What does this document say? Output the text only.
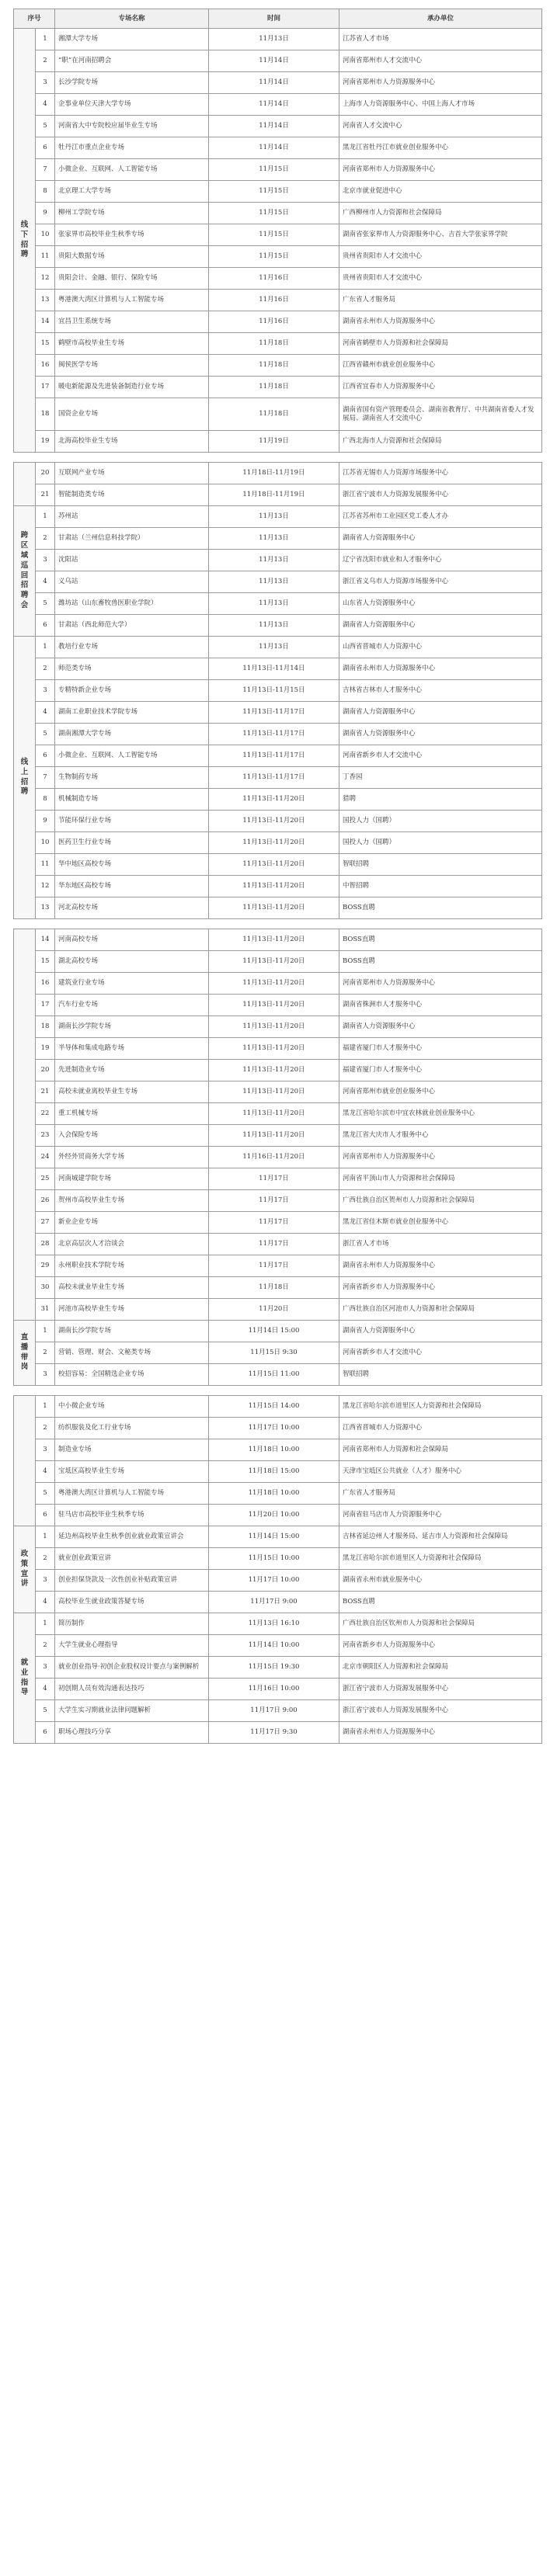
序号		专场名称	时间	承办单位

线下招聘	1	湘潭大学专场	11月13日	江苏省人才市场
	2	“职”在河南招聘会	11月14日	河南省郑州市人才交流中心
	3	长沙学院专场	11月14日	河南省郑州市人力资源服务中心
	4	企事业单位天津大学专场	11月14日	上海市人力资源服务中心、中国上海人才市场
	5	河南省大中专院校应届毕业生专场	11月14日	河南省人才交流中心
	6	牡丹江市重点企业专场	11月14日	黑龙江省牡丹江市就业创业服务中心
	7	小微企业、互联网、人工智能专场	11月15日	河南省郑州市人力资源服务中心
	8	北京理工大学专场	11月15日	北京市就业促进中心
	9	柳州工学院专场	11月15日	广西柳州市人力资源和社会保障局
	10	张家界市高校毕业生秋季专场	11月15日	湖南省张家界市人力资源服务中心、吉首大学张家界学院
	11	贵阳大数据专场	11月15日	贵州省贵阳市人才交流中心
	12	贵阳会计、金融、银行、保险专场	11月16日	贵州省贵阳市人才交流中心
	13	粤港澳大湾区计算机与人工智能专场	11月16日	广东省人才服务局
	14	宜昌卫生系统专场	11月16日	湖南省永州市人力资源服务中心
	15	鹤壁市高校毕业生专场	11月18日	河南省鹤壁市人力资源和社会保障局
	16	闽侯医学专场	11月18日	江西省赣州市就业创业服务中心
	17	暖电新能源及先进装备制造行业专场	11月18日	江西省宜春市人力资源服务中心
	18	国资企业专场	11月18日	湖南省国有资产管理委员会、湖南省教育厅、中共湖南省委人才发展局、湖南省人才交流中心
	19	北海高校毕业生专场	11月19日	广西北海市人力资源和社会保障局
	20	互联网产业专场	11月18日-11月19日	江苏省无锡市人力资源市场服务中心
	21	智能制造类专场	11月18日-11月19日	浙江省宁波市人力资源发展服务中心

跨区域巡回招聘会	1	苏州站	11月13日	江苏省苏州市工业园区党工委人才办
	2	甘肃站（兰州信息科技学院）	11月13日	湖南省人力资源服务中心
	3	沈阳站	11月13日	辽宁省沈阳市就业和人才服务中心
	4	义乌站	11月13日	浙江省义乌市人力资源市场服务中心
	5	潍坊站（山东畜牧兽医职业学院）	11月13日	山东省人力资源服务中心
	6	甘肃站（西北师范大学）	11月13日	湖南省人力资源服务中心

线上招聘	1	教培行业专场	11月13日	山西省晋城市人力资源中心
	2	师范类专场	11月13日-11月14日	湖南省永州市人力资源服务中心
	3	专精特新企业专场	11月13日-11月15日	吉林省吉林市人才服务中心
	4	湖南工业职业技术学院专场	11月13日-11月17日	湖南省人力资源服务中心
	5	湖南湘潭大学专场	11月13日-11月17日	湖南省人力资源服务中心
	6	小微企业、互联网、人工智能专场	11月13日-11月17日	河南省新乡市人才交流中心
	7	生物制药专场	11月13日-11月17日	丁香园
	8	机械制造专场	11月13日-11月20日	猎聘
	9	节能环保行业专场	11月13日-11月20日	国投人力（国聘）
	10	医药卫生行业专场	11月13日-11月20日	国投人力（国聘）
	11	华中地区高校专场	11月13日-11月20日	智联招聘
	12	华东地区高校专场	11月13日-11月20日	中智招聘
	13	河北高校专场	11月13日-11月20日	BOSS直聘
	14	河南高校专场	11月13日-11月20日	BOSS直聘
	15	湖北高校专场	11月13日-11月20日	BOSS直聘
	16	建筑业行业专场	11月13日-11月20日	河南省郑州市人力资源服务中心
	17	汽车行业专场	11月13日-11月20日	湖南省株洲市人才服务中心
	18	湖南长沙学院专场	11月13日-11月20日	湖南省人力资源服务中心
	19	半导体和集成电路专场	11月13日-11月20日	福建省厦门市人才服务中心
	20	先进制造业专场	11月13日-11月20日	福建省厦门市人才服务中心
	21	高校未就业离校毕业生专场	11月13日-11月20日	河南省郑州市就业创业服务中心
	22	重工机械专场	11月13日-11月20日	黑龙江省哈尔滨市中宜农林就业创业服务中心
	23	入会保险专场	11月13日-11月20日	黑龙江省大庆市人才服务中心
	24	外经外贸商务大学专场	11月16日-11月20日	河南省郑州市人力资源服务中心
	25	河南城建学院专场	11月17日	河南省平顶山市人力资源和社会保障局
	26	贺州市高校毕业生专场	11月17日	广西壮族自治区贺州市人力资源和社会保障局
	27	新业企业专场	11月17日	黑龙江省佳木斯市就业创业服务中心
	28	北京高层次人才洽谈会	11月17日	浙江省人才市场
	29	永州职业技术学院专场	11月17日	湖南省永州市人力资源服务中心
	30	高校未就业毕业生专场	11月18日	河南省新乡市人力资源服务中心
	31	河池市高校毕业生专场	11月20日	广西壮族自治区河池市人力资源和社会保障局

直播带岗	1	湖南长沙学院专场	11月14日 15:00	湖南省人力资源服务中心
	2	营销、管理、财会、文秘类专场	11月15日 9:30	河南省新乡市人才交流中心
	3	校招容易：全国精选企业专场	11月15日 11:00	智联招聘
	1	中小微企业专场	11月15日 14:00	黑龙江省哈尔滨市道里区人力资源和社会保障局
	2	纺织服装及化工行业专场	11月17日 10:00	江西省晋城市人力资源中心
	3	制造业专场	11月18日 10:00	河南省郑州市人力资源和社会保障局
	4	宝坻区高校毕业生专场	11月18日 15:00	天津市宝坻区公共就业（人才）服务中心
	5	粤港澳大湾区计算机与人工智能专场	11月18日 10:00	广东省人才服务局
	6	驻马店市高校毕业生秋季专场	11月20日 10:00	河南省驻马店市人力资源服务中心

政策宣讲	1	延边州高校毕业生秋季创业就业政策宣讲会	11月14日 15:00	吉林省延边州人才服务局、延吉市人力资源和社会保障局
	2	就业创业政策宣讲	11月15日 10:00	黑龙江省哈尔滨市道里区人力资源和社会保障局
	3	创业担保贷款及一次性创业补贴政策宣讲	11月17日 10:00	湖南省永州市就业服务中心
	4	高校毕业生就业政策答疑专场	11月17日 9:00	BOSS直聘

就业指导	1	简历制作	11月13日 16:10	广西壮族自治区钦州市人力资源和社会保障局
	2	大学生就业心理指导	11月14日 10:00	河南省新乡市人力资源服务中心
	3	就业创业指导·初创企业股权设计要点与案例解析	11月15日 19:30	北京市朝阳区人力资源和社会保障局
	4	初创期人员有效沟通表达技巧	11月16日 10:00	浙江省宁波市人力资源发展服务中心
	5	大学生实习期就业法律问题解析	11月17日 9:00	浙江省宁波市人力资源发展服务中心
	6	职场心理技巧分享	11月17日 9:30	湖南省永州市人力资源服务中心
